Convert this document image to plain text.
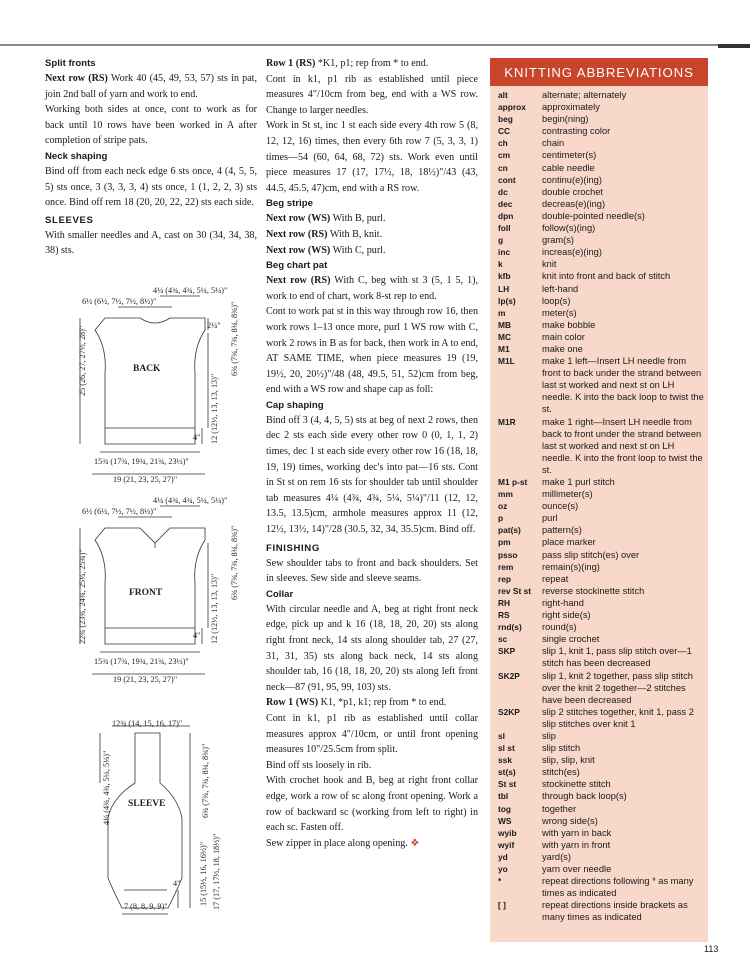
Split fronts

Next row (RS) Work 40 (45, 49, 53, 57) sts in pat, join 2nd ball of yarn and work to end.

Working both sides at once, cont to work as for back until 10 rows have been worked in A after completion of stripe pats.

Neck shaping

Bind off from each neck edge 6 sts once, 4 (4, 5, 5, 5) sts once, 3 (3, 3, 3, 4) sts once, 1 (1, 2, 2, 3) sts once. Bind off rem 18 (20, 20, 22, 22) sts each side.

SLEEVES

With smaller needles and A, cast on 30 (34, 34, 38, 38) sts.

BACK
4¼ (4¾, 4¾, 5¼, 5¼)"
6½ (6½, 7½, 7½, 8½)"
2¼" 6¾ (7¾, 7¾, 8¾, 8¾)"
25 (26, 27, 27½, 28)"
12 (12½, 13, 13, 13)"
4"
15¾ (17¾, 19¾, 21¾, 23½)"
19 (21, 23, 25, 27)"
FRONT
4¼ (4¾, 4¾, 5¼, 5¼)"
6½ (6½, 7½, 7½, 8½)"
6¾ (7¾, 7¾, 8¾, 8¾)"
22¾ (23¾, 24¾, 25¼, 25¾)"	12 (12½, 13, 13, 13)"
4"
15¾ (17¾, 19¾, 21¾, 23½)"
19 (21, 23, 25, 27)"
SLEEVE
12¾ (14, 15, 16, 17)"
4¼ (4¾, 4¾, 5¼, 5¼)"	6¾ (7¾, 7¾, 8¾, 8¾)"
17 (17, 17½, 18, 18½)"
15 (15½, 16, 16½)"
4"
7 (8, 8, 9, 9)"

Row 1 (RS) *K1, p1; rep from * to end.

Cont in k1, p1 rib as established until piece measures 4"/10cm from beg, end with a WS row. Change to larger needles.

Work in St st, inc 1 st each side every 4th row 5 (8, 12, 12, 16) times, then every 6th row 7 (5, 3, 3, 1) times—54 (60, 64, 68, 72) sts. Work even until piece measures 17 (17, 17½, 18, 18½)"/43 (43, 44.5, 45.5, 47)cm, end with a RS row.

Beg stripe

Next row (WS) With B, purl.

Next row (RS) With B, knit.

Next row (WS) With C, purl.

Beg chart pat

Next row (RS) With C, beg with st 3 (5, 1 5, 1), work to end of chart, work 8-st rep to end.

Cont to work pat st in this way through row 16, then work rows 1–13 once more, purl 1 WS row with C, work 2 rows in B as for back, then work in A to end, AT SAME TIME, when piece measures 19 (19, 19½, 20, 20½)"/48 (48, 49.5, 51, 52)cm from beg, end with a WS row and shape cap as foll:

Cap shaping

Bind off 3 (4, 4, 5, 5) sts at beg of next 2 rows, then dec 2 sts each side every other row 0 (0, 1, 1, 2) times, dec 1 st each side every other row 16 (18, 18, 19, 19) times, working dec's into pat—16 sts. Cont in St st on rem 16 sts for shoulder tab until shoulder tab measures 4¼ (4¾, 4¾, 5¼, 5¼)"/11 (12, 12, 13.5, 13.5)cm, armhole measures approx 11 (12, 12½, 13½, 14)"/28 (30.5, 32, 34, 35.5)cm. Bind off.

FINISHING

Sew shoulder tabs to front and back shoulders. Set in sleeves. Sew side and sleeve seams.

Collar

With circular needle and A, beg at right front neck edge, pick up and k 16 (18, 18, 20, 20) sts along right front neck, 14 sts along shoulder tab, 27 (27, 31, 31, 35) sts along back neck, 14 sts along shoulder tab, 16 (18, 18, 20, 20) sts along left front neck—87 (91, 95, 99, 103) sts.

Row 1 (WS) K1, *p1, k1; rep from * to end.

Cont in k1, p1 rib as established until collar measures approx 4"/10cm, or until front opening measures 10"/25.5cm from split.

Bind off sts loosely in rib.

With crochet hook and B, beg at right front collar edge, work a row of sc along front opening. Work a row of backward sc (working from left to right) in each sc. Fasten off.

Sew zipper in place along opening. ❖

KNITTING ABBREVIATIONS
alt	alternate; alternately
approx	approximately
beg	begin(ning)
CC	contrasting color
ch	chain
cm	centimeter(s)
cn	cable needle
cont	continu(e)(ing)
dc	double crochet
dec	decreas(e)(ing)
dpn	double-pointed needle(s)
foll	follow(s)(ing)
g	gram(s)
inc	increas(e)(ing)
k	knit
kfb	knit into front and back of stitch
LH	left-hand
lp(s)	loop(s)
m	meter(s)
MB	make bobble
MC	main color
M1	make one
M1L	make 1 left—Insert LH needle from front to back under the strand between last st worked and next st on LH needle. K into the back loop to twist the st.
M1R	make 1 right—Insert LH needle from back to front under the strand between last st worked and next st on LH needle. K into the front loop to twist the st.
M1 p-st	make 1 purl stitch
mm	millimeter(s)
oz	ounce(s)
p	purl
pat(s)	pattern(s)
pm	place marker
psso	pass slip stitch(es) over
rem	remain(s)(ing)
rep	repeat
rev St st	reverse stockinette stitch
RH	right-hand
RS	right side(s)
rnd(s)	round(s)
sc	single crochet
SKP	slip 1, knit 1, pass slip stitch over—1 stitch has been decreased
SK2P	slip 1, knit 2 together, pass slip stitch over the knit 2 together—2 stitches have been decreased
S2KP	slip 2 stitches together, knit 1, pass 2 slip stitches over knit 1
sl	slip
sl st	slip stitch
ssk	slip, slip, knit
st(s)	stitch(es)
St st	stockinette stitch
tbl	through back loop(s)
tog	together
WS	wrong side(s)
wyib	with yarn in back
wyif	with yarn in front
yd	yard(s)
yo	yarn over needle
*	repeat directions following * as many times as indicated
[ ]	repeat directions inside brackets as many times as indicated
113
